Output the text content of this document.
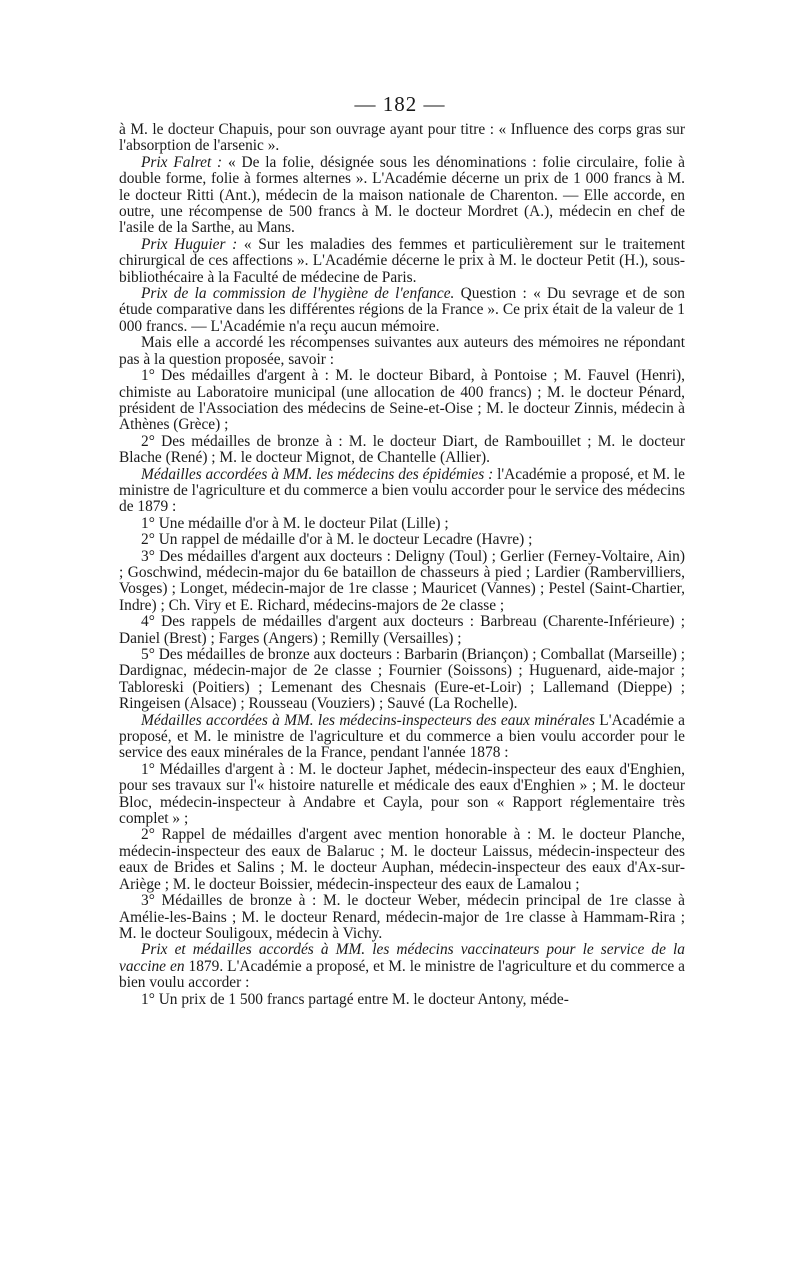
— 182 —

à M. le docteur Chapuis, pour son ouvrage ayant pour titre : « Influence des corps gras sur l'absorption de l'arsenic ».

Prix Falret : « De la folie, désignée sous les dénominations : folie circulaire, folie à double forme, folie à formes alternes ». L'Académie décerne un prix de 1 000 francs à M. le docteur Ritti (Ant.), médecin de la maison nationale de Charenton. — Elle accorde, en outre, une récompense de 500 francs à M. le docteur Mordret (A.), médecin en chef de l'asile de la Sarthe, au Mans.

Prix Huguier : « Sur les maladies des femmes et particulièrement sur le traitement chirurgical de ces affections ». L'Académie décerne le prix à M. le docteur Petit (H.), sous-bibliothécaire à la Faculté de médecine de Paris.

Prix de la commission de l'hygiène de l'enfance. Question : « Du sevrage et de son étude comparative dans les différentes régions de la France ». Ce prix était de la valeur de 1 000 francs. — L'Académie n'a reçu aucun mémoire.

Mais elle a accordé les récompenses suivantes aux auteurs des mémoires ne répondant pas à la question proposée, savoir :

1° Des médailles d'argent à : M. le docteur Bibard, à Pontoise ; M. Fauvel (Henri), chimiste au Laboratoire municipal (une allocation de 400 francs) ; M. le docteur Pénard, président de l'Association des médecins de Seine-et-Oise ; M. le docteur Zinnis, médecin à Athènes (Grèce) ;

2° Des médailles de bronze à : M. le docteur Diart, de Rambouillet ; M. le docteur Blache (René) ; M. le docteur Mignot, de Chantelle (Allier).

Médailles accordées à MM. les médecins des épidémies : l'Académie a proposé, et M. le ministre de l'agriculture et du commerce a bien voulu accorder pour le service des médecins de 1879 :

1° Une médaille d'or à M. le docteur Pilat (Lille) ;

2° Un rappel de médaille d'or à M. le docteur Lecadre (Havre) ;

3° Des médailles d'argent aux docteurs : Deligny (Toul) ; Gerlier (Ferney-Voltaire, Ain) ; Goschwind, médecin-major du 6e bataillon de chasseurs à pied ; Lardier (Rambervilliers, Vosges) ; Longet, médecin-major de 1re classe ; Mauricet (Vannes) ; Pestel (Saint-Chartier, Indre) ; Ch. Viry et E. Richard, médecins-majors de 2e classe ;

4° Des rappels de médailles d'argent aux docteurs : Barbreau (Charente-Inférieure) ; Daniel (Brest) ; Farges (Angers) ; Remilly (Versailles) ;

5° Des médailles de bronze aux docteurs : Barbarin (Briançon) ; Comballat (Marseille) ; Dardignac, médecin-major de 2e classe ; Fournier (Soissons) ; Huguenard, aide-major ; Tabloreski (Poitiers) ; Lemenant des Chesnais (Eure-et-Loir) ; Lallemand (Dieppe) ; Ringeisen (Alsace) ; Rousseau (Vouziers) ; Sauvé (La Rochelle).

Médailles accordées à MM. les médecins-inspecteurs des eaux minérales L'Académie a proposé, et M. le ministre de l'agriculture et du commerce a bien voulu accorder pour le service des eaux minérales de la France, pendant l'année 1878 :

1° Médailles d'argent à : M. le docteur Japhet, médecin-inspecteur des eaux d'Enghien, pour ses travaux sur l'« histoire naturelle et médicale des eaux d'Enghien » ; M. le docteur Bloc, médecin-inspecteur à Andabre et Cayla, pour son « Rapport réglementaire très complet » ;

2° Rappel de médailles d'argent avec mention honorable à : M. le docteur Planche, médecin-inspecteur des eaux de Balaruc ; M. le docteur Laissus, médecin-inspecteur des eaux de Brides et Salins ; M. le docteur Auphan, médecin-inspecteur des eaux d'Ax-sur-Ariège ; M. le docteur Boissier, médecin-inspecteur des eaux de Lamalou ;

3° Médailles de bronze à : M. le docteur Weber, médecin principal de 1re classe à Amélie-les-Bains ; M. le docteur Renard, médecin-major de 1re classe à Hammam-Rira ; M. le docteur Souligoux, médecin à Vichy.

Prix et médailles accordés à MM. les médecins vaccinateurs pour le service de la vaccine en 1879. L'Académie a proposé, et M. le ministre de l'agriculture et du commerce a bien voulu accorder :

1° Un prix de 1 500 francs partagé entre M. le docteur Antony, méde-
